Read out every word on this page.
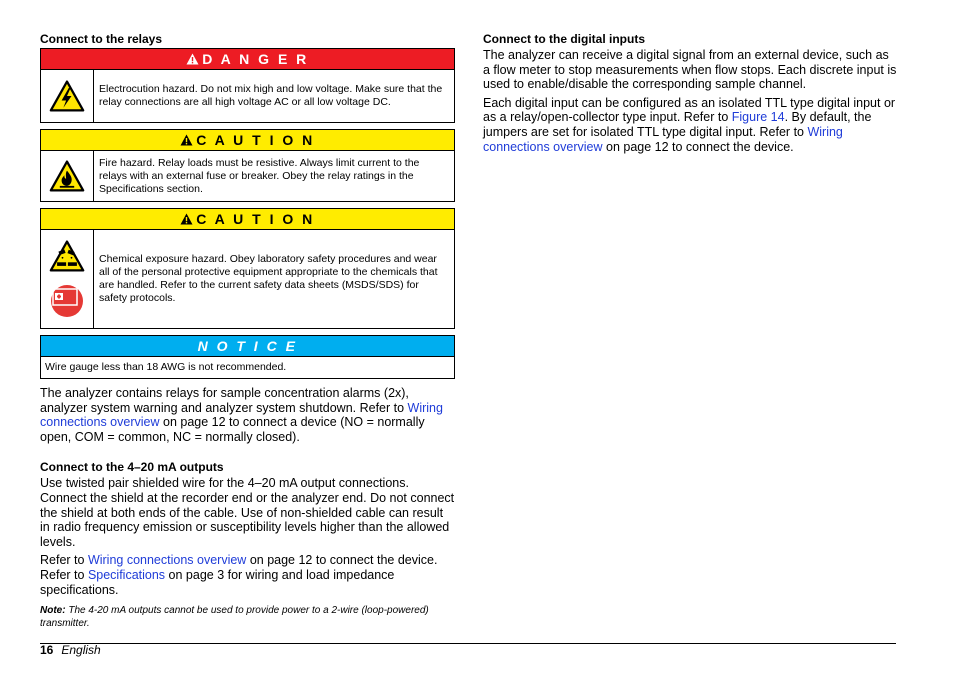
Connect to the relays
D A N G E R
Electrocution hazard. Do not mix high and low voltage. Make sure that the relay connections are all high voltage AC or all low voltage DC.
C A U T I O N
Fire hazard. Relay loads must be resistive. Always limit current to the relays with an external fuse or breaker. Obey the relay ratings in the Specifications section.
C A U T I O N
Chemical exposure hazard. Obey laboratory safety procedures and wear all of the personal protective equipment appropriate to the chemicals that are handled. Refer to the current safety data sheets (MSDS/SDS) for safety protocols.
N O T I C E
Wire gauge less than 18 AWG is not recommended.

The analyzer contains relays for sample concentration alarms (2x), analyzer system warning and analyzer system shutdown. Refer to Wiring connections overview on page 12 to connect a device (NO = normally open, COM = common, NC = normally closed).

Connect to the 4–20 mA outputs

Use twisted pair shielded wire for the 4–20 mA output connections. Connect the shield at the recorder end or the analyzer end. Do not connect the shield at both ends of the cable. Use of non-shielded cable can result in radio frequency emission or susceptibility levels higher than the allowed levels.

Refer to Wiring connections overview on page 12 to connect the device. Refer to Specifications on page 3 for wiring and load impedance specifications.

Note: The 4-20 mA outputs cannot be used to provide power to a 2-wire (loop-powered) transmitter.
Connect to the digital inputs

The analyzer can receive a digital signal from an external device, such as a flow meter to stop measurements when flow stops. Each discrete input is used to enable/disable the corresponding sample channel.

Each digital input can be configured as an isolated TTL type digital input or as a relay/open-collector type input. Refer to Figure 14. By default, the jumpers are set for isolated TTL type digital input. Refer to Wiring connections overview on page 12 to connect the device.

16 English
